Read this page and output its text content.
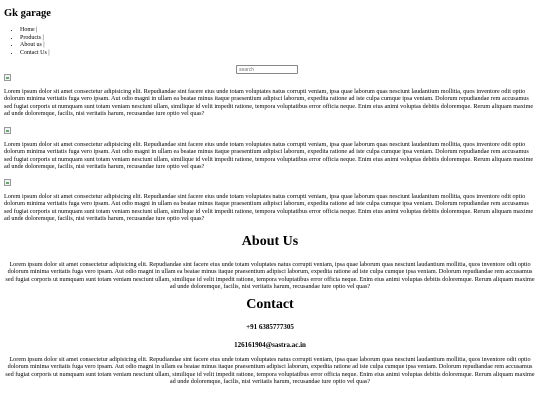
Gk garage
• Home |
• Products |
• About us |
• Contact Us |
search

Lorem ipsum dolor sit amet consectetur adipisicing elit. Repudiandae sint facere eius unde totam voluptates natus corrupti veniam, ipsa quae laborum quas nesciunt laudantium mollitia, quos inventore odit optio dolorum minima veritatis fuga vero ipsam. Aut odio magni in ullam ea beatae minus itaque praesentium adipisci laborum, expedita ratione ad iste culpa cumque ipsa veniam. Dolorum repudiandae rem accusamus sed fugiat corporis ut numquam sunt totam veniam nesciunt ullam, similique id velit impedit ratione, tempora voluptatibus error officia neque. Enim eius animi voluptas debitis doloremque. Rerum aliquam maxime ad unde doloremque, facilis, nisi veritatis harum, recusandae iure optio vel quas?

Lorem ipsum dolor sit amet consectetur adipisicing elit. Repudiandae sint facere eius unde totam voluptates natus corrupti veniam, ipsa quae laborum quas nesciunt laudantium mollitia, quos inventore odit optio dolorum minima veritatis fuga vero ipsam. Aut odio magni in ullam ea beatae minus itaque praesentium adipisci laborum, expedita ratione ad iste culpa cumque ipsa veniam. Dolorum repudiandae rem accusamus sed fugiat corporis ut numquam sunt totam veniam nesciunt ullam, similique id velit impedit ratione, tempora voluptatibus error officia neque. Enim eius animi voluptas debitis doloremque. Rerum aliquam maxime ad unde doloremque, facilis, nisi veritatis harum, recusandae iure optio vel quas?

Lorem ipsum dolor sit amet consectetur adipisicing elit. Repudiandae sint facere eius unde totam voluptates natus corrupti veniam, ipsa quae laborum quas nesciunt laudantium mollitia, quos inventore odit optio dolorum minima veritatis fuga vero ipsam. Aut odio magni in ullam ea beatae minus itaque praesentium adipisci laborum, expedita ratione ad iste culpa cumque ipsa veniam. Dolorum repudiandae rem accusamus sed fugiat corporis ut numquam sunt totam veniam nesciunt ullam, similique id velit impedit ratione, tempora voluptatibus error officia neque. Enim eius animi voluptas debitis doloremque. Rerum aliquam maxime ad unde doloremque, facilis, nisi veritatis harum, recusandae iure optio vel quas?

About Us

Lorem ipsum dolor sit amet consectetur adipisicing elit. Repudiandae sint facere eius unde totam voluptates natus corrupti veniam, ipsa quae laborum quas nesciunt laudantium mollitia, quos inventore odit optio dolorum minima veritatis fuga vero ipsam. Aut odio magni in ullam ea beatae minus itaque praesentium adipisci laborum, expedita ratione ad iste culpa cumque ipsa veniam. Dolorum repudiandae rem accusamus sed fugiat corporis ut numquam sunt totam veniam nesciunt ullam, similique id velit impedit ratione, tempora voluptatibus error officia neque. Enim eius animi voluptas debitis doloremque. Rerum aliquam maxime ad unde doloremque, facilis, nisi veritatis harum, recusandae iure optio vel quas?

Contact

+91 6385777305

126161904@sastra.ac.in

Lorem ipsum dolor sit amet consectetur adipisicing elit. Repudiandae sint facere eius unde totam voluptates natus corrupti veniam, ipsa quae laborum quas nesciunt laudantium mollitia, quos inventore odit optio dolorum minima veritatis fuga vero ipsam. Aut odio magni in ullam ea beatae minus itaque praesentium adipisci laborum, expedita ratione ad iste culpa cumque ipsa veniam. Dolorum repudiandae rem accusamus sed fugiat corporis ut numquam sunt totam veniam nesciunt ullam, similique id velit impedit ratione, tempora voluptatibus error officia neque. Enim eius animi voluptas debitis doloremque. Rerum aliquam maxime ad unde doloremque, facilis, nisi veritatis harum, recusandae iure optio vel quas?
